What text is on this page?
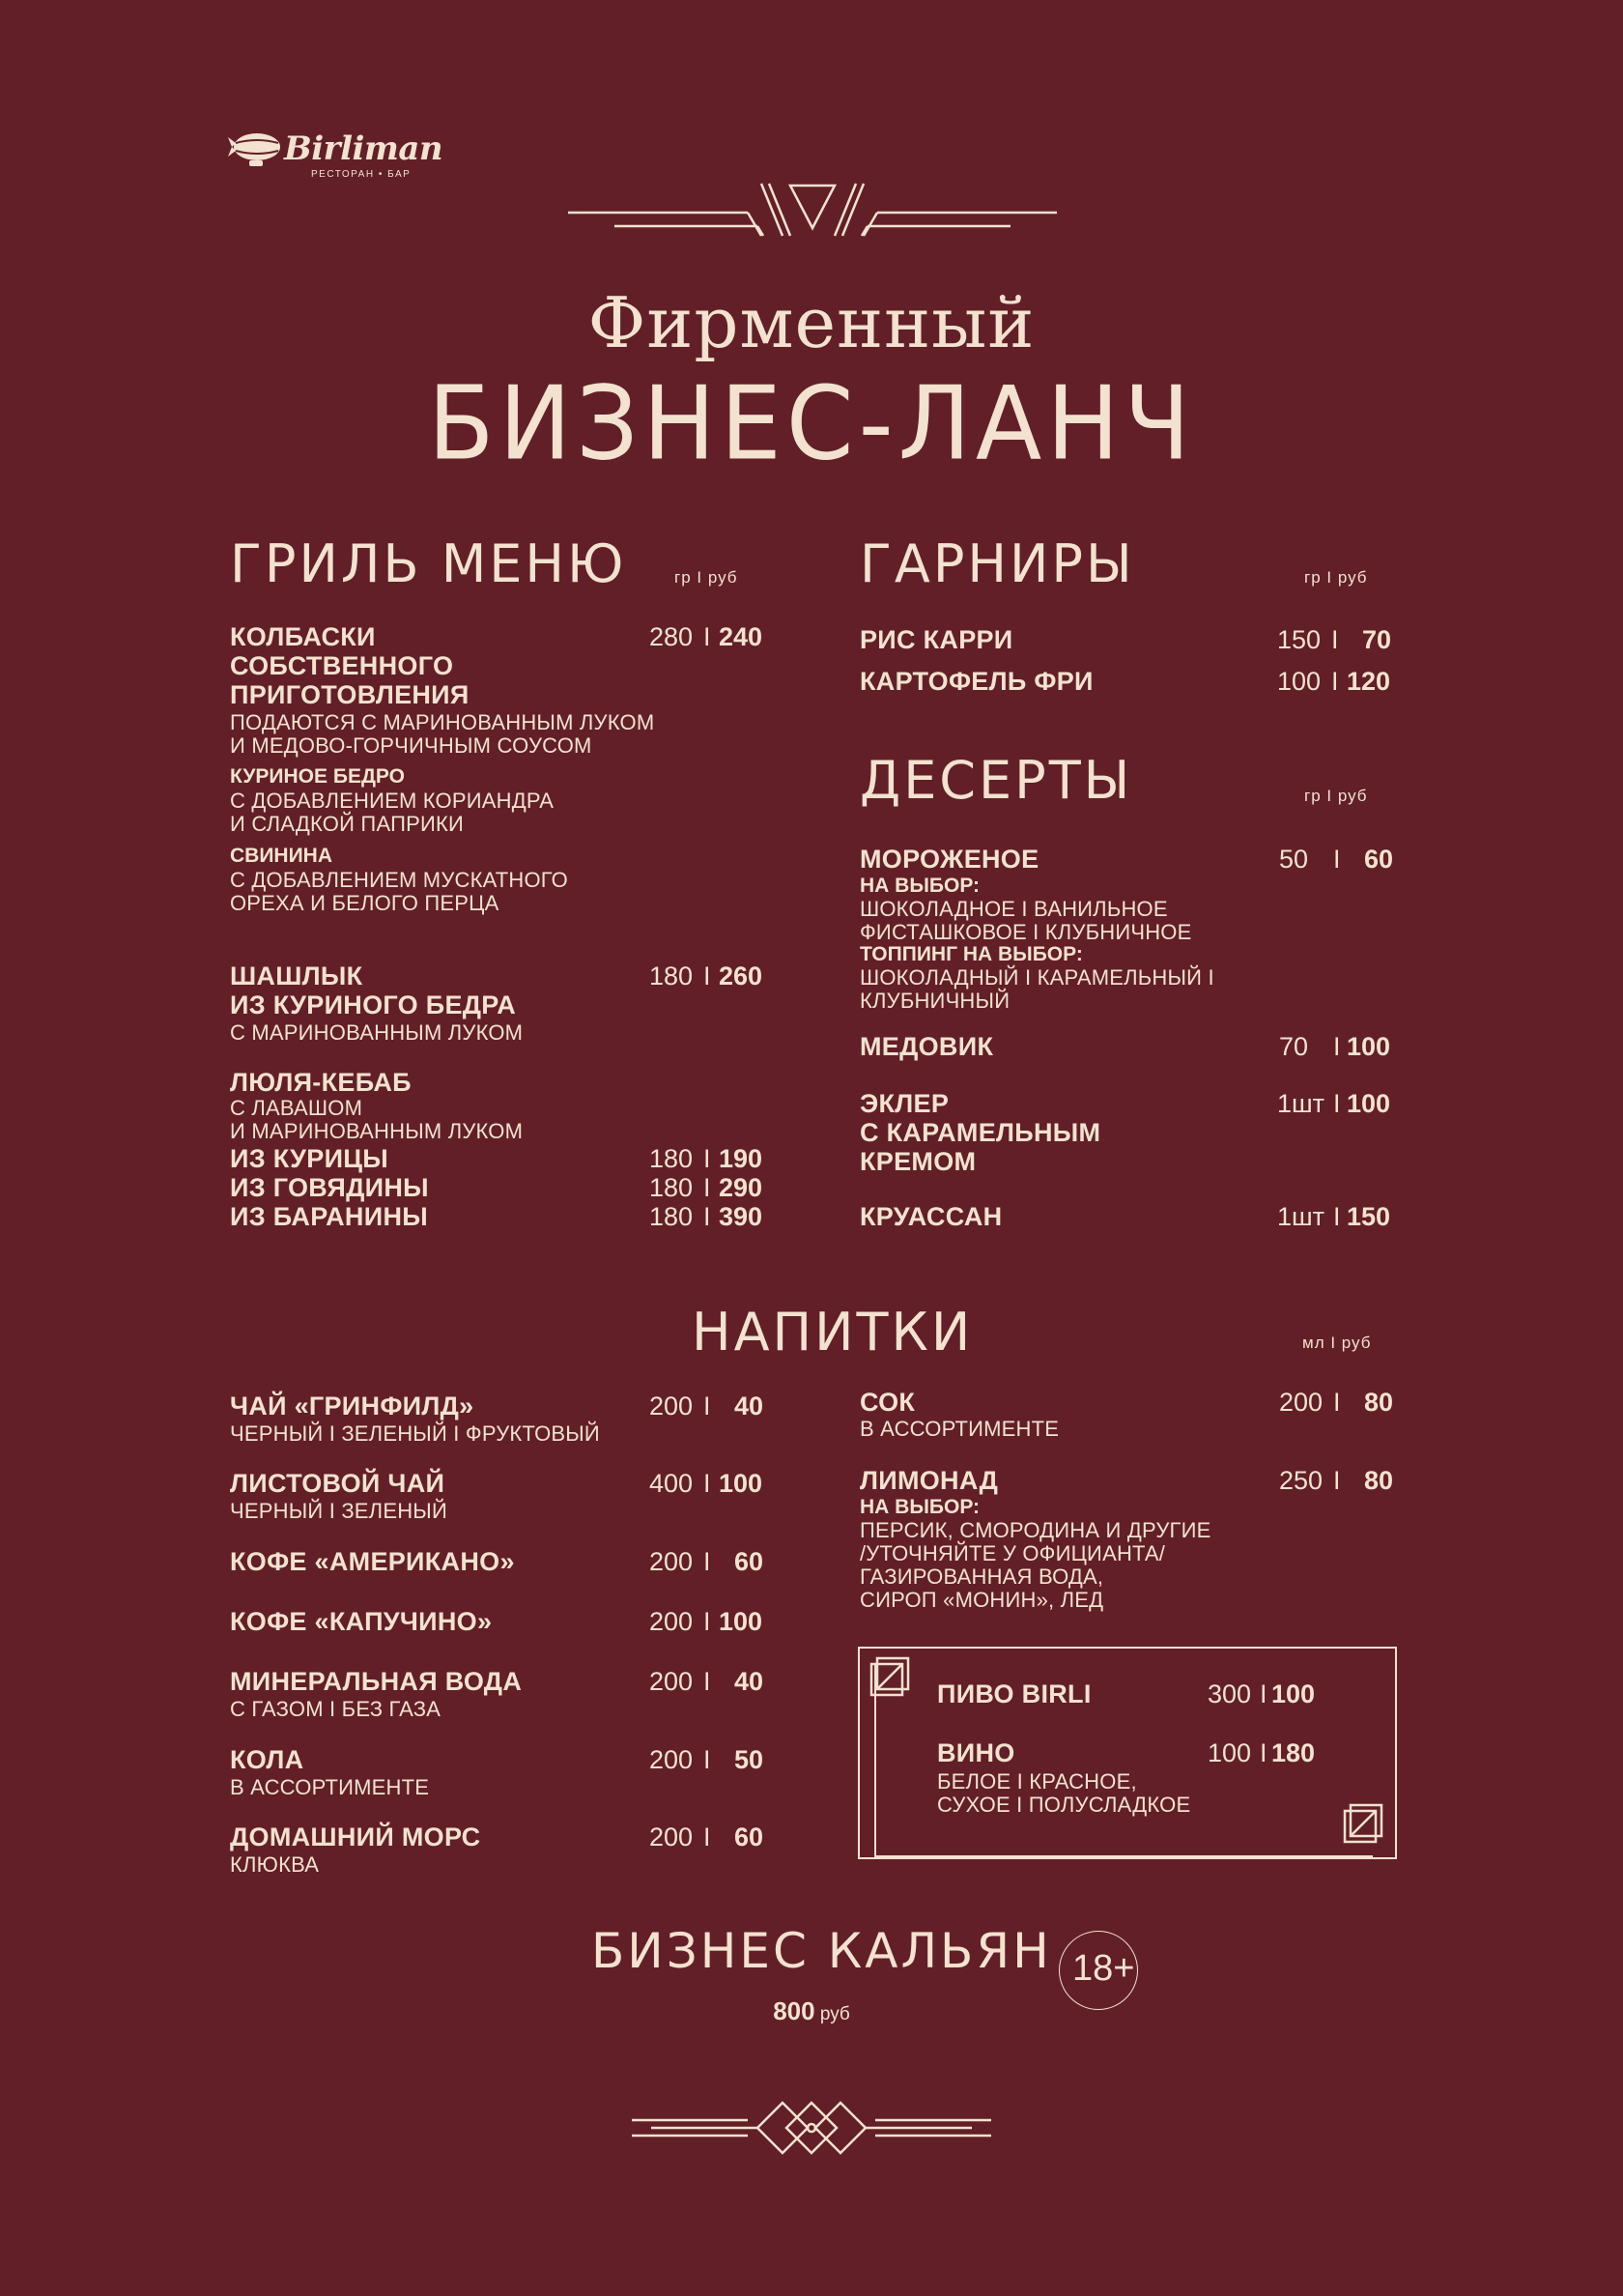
Birliman
РЕСТОРАН • БАР
Фирменный
БИЗНЕС-ЛАНЧ
ГРИЛЬ МЕНЮ	гр I руб
КОЛБАСКИ
СОБСТВЕННОГО
ПРИГОТОВЛЕНИЯ
280 I 240
ПОДАЮТСЯ С МАРИНОВАННЫМ ЛУКОМ
И МЕДОВО-ГОРЧИЧНЫМ СОУСОМ
КУРИНОЕ БЕДРО
С ДОБАВЛЕНИЕМ КОРИАНДРА
И СЛАДКОЙ ПАПРИКИ
СВИНИНА
С ДОБАВЛЕНИЕМ МУСКАТНОГО
ОРЕХА И БЕЛОГО ПЕРЦА
ШАШЛЫК
ИЗ КУРИНОГО БЕДРА
180 I 260
С МАРИНОВАННЫМ ЛУКОМ
ЛЮЛЯ-КЕБАБ
С ЛАВАШОМ
И МАРИНОВАННЫМ ЛУКОМ
ИЗ КУРИЦЫ	180 I 190
ИЗ ГОВЯДИНЫ	180 I 290
ИЗ БАРАНИНЫ	180 I 390
ГАРНИРЫ	гр I руб
РИС КАРРИ	150 I 70
КАРТОФЕЛЬ ФРИ	100 I 120
ДЕСЕРТЫ	гр I руб
МОРОЖЕНОЕ	50 I 60
НА ВЫБОР:
ШОКОЛАДНОЕ I ВАНИЛЬНОЕ
ФИСТАШКОВОЕ I КЛУБНИЧНОЕ
ТОППИНГ НА ВЫБОР:
ШОКОЛАДНЫЙ I КАРАМЕЛЬНЫЙ I
КЛУБНИЧНЫЙ
МЕДОВИК	70 I 100
ЭКЛЕР
С КАРАМЕЛЬНЫМ
КРЕМОМ
1шт I 100
КРУАССАН	1шт I 150
НАПИТКИ	мл I руб
ЧАЙ «ГРИНФИЛД»	200 I 40
ЧЕРНЫЙ I ЗЕЛЕНЫЙ I ФРУКТОВЫЙ
ЛИСТОВОЙ ЧАЙ	400 I 100
ЧЕРНЫЙ I ЗЕЛЕНЫЙ
КОФЕ «АМЕРИКАНО»	200 I 60
КОФЕ «КАПУЧИНО»	200 I 100
МИНЕРАЛЬНАЯ ВОДА	200 I 40
С ГАЗОМ I БЕЗ ГАЗА
КОЛА	200 I 50
В АССОРТИМЕНТЕ
ДОМАШНИЙ МОРС	200 I 60
КЛЮКВА
СОК	200 I 80
В АССОРТИМЕНТЕ
ЛИМОНАД	250 I 80
НА ВЫБОР:
ПЕРСИК, СМОРОДИНА И ДРУГИЕ
/УТОЧНЯЙТЕ У ОФИЦИАНТА/
ГАЗИРОВАННАЯ ВОДА,
СИРОП «МОНИН», ЛЕД
ПИВО BIRLI	300 I 100
ВИНО	100 I 180
БЕЛОЕ I КРАСНОЕ,
СУХОЕ I ПОЛУСЛАДКОЕ
БИЗНЕС КАЛЬЯН 18+
800 руб
